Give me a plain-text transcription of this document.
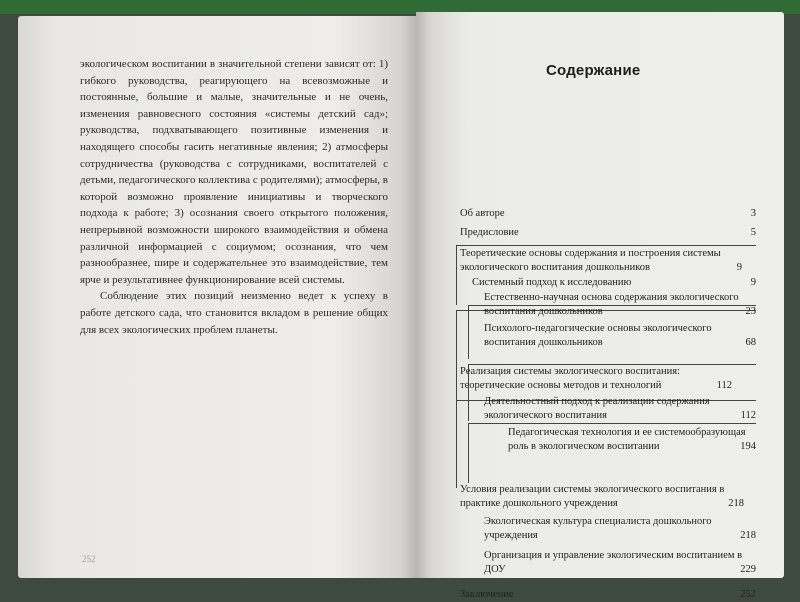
экологическом воспитании в значительной степени зависят от: 1) гибкого руководства, реагирующего на всевозможные и постоянные, большие и малые, значительные и не очень, изменения равновесного состояния «системы детский сад»; руководства, подхватывающего позитивные изменения и находящего способы гасить негативные явления; 2) атмосферы сотрудничества (руководства с сотрудниками, воспитателей с детьми, педагогического коллектива с родителями); атмосферы, в которой возможно проявление инициативы и творческого подхода к работе; 3) осознания своего открытого положения, непрерывной возможности широкого взаимодействия и обмена различной информацией с социумом; осознания, что чем разнообразнее, шире и содержательнее это взаимодействие, тем ярче и результативнее функционирование всей системы.

Соблюдение этих позиций неизменно ведет к успеху в работе детского сада, что становится вкладом в решение общих для всех экологических проблем планеты.

252
Содержание
Об авторе	3
Предисловие	5
Теоретические основы содержания и построения системы экологического воспитания дошкольников	9
Системный подход к исследованию	9
Естественно-научная основа содержания экологического воспитания дошкольников	23
Психолого-педагогические основы экологического воспитания дошкольников	68
Реализация системы экологического воспитания: теоретические основы методов и технологий	112
Деятельностный подход к реализации содержания экологического воспитания	112
Педагогическая технология и ее системообразующая роль в экологическом воспитании	194
Условия реализации системы экологического воспитания в практике дошкольного учреждения	218
Экологическая культура специалиста дошкольного учреждения	218
Организация и управление экологическим воспитанием в ДОУ	229
Заключение	252
